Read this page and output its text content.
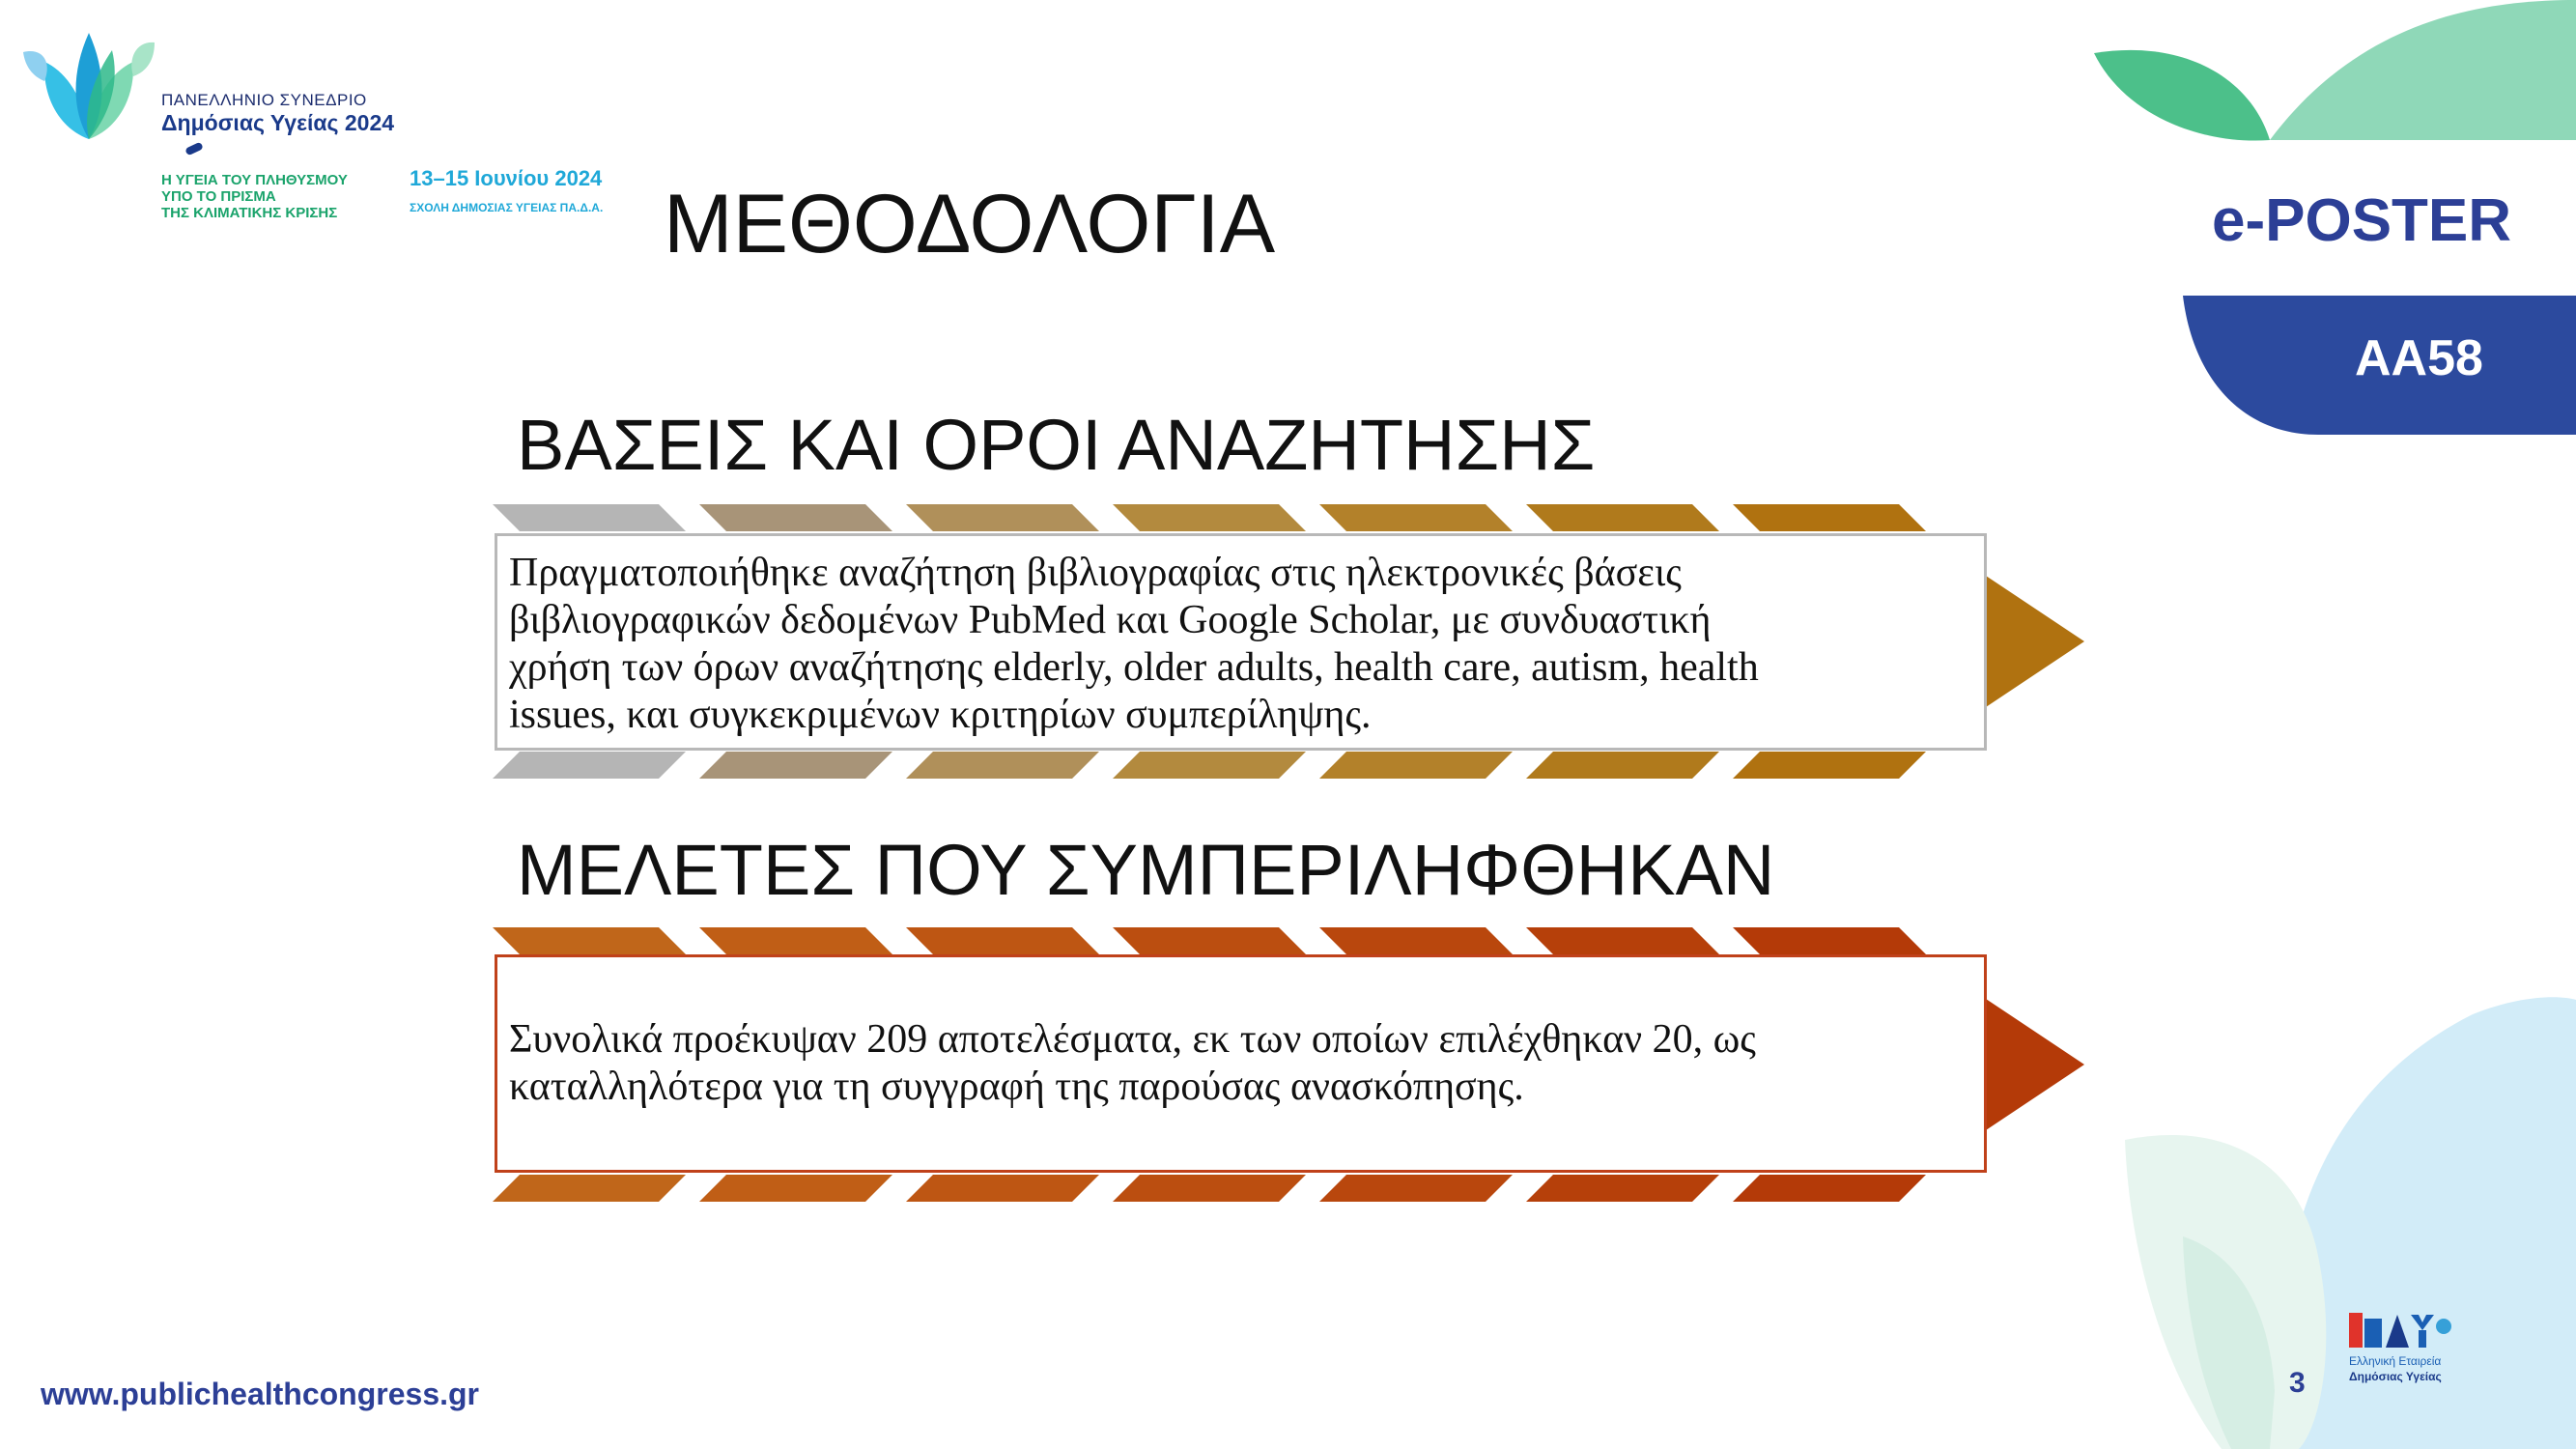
ΠΑΝΕΛΛΗΝΙΟ ΣΥΝΕΔΡΙΟ
Δημόσιας Υγείας 2024
Η ΥΓΕΙΑ ΤΟΥ ΠΛΗΘΥΣΜΟΥ
ΥΠΟ ΤΟ ΠΡΙΣΜΑ
ΤΗΣ ΚΛΙΜΑΤΙΚΗΣ ΚΡΙΣΗΣ
13–15 Ιουνίου 2024
ΣΧΟΛΗ ΔΗΜΟΣΙΑΣ ΥΓΕΙΑΣ ΠΑ.Δ.Α. ΜΕΘΟΔΟΛΟΓΙΑ	e-POSTER
ΑΑ58
ΒΑΣΕΙΣ ΚΑΙ ΟΡΟΙ ΑΝΑΖΗΤΗΣΗΣ

Πραγματοποιήθηκε αναζήτηση βιβλιογραφίας στις ηλεκτρονικές βάσεις
βιβλιογραφικών δεδομένων PubMed και Google Scholar, με συνδυαστική
χρήση των όρων αναζήτησης elderly, older adults, health care, autism, health
issues, και συγκεκριμένων κριτηρίων συμπερίληψης.

ΜΕΛΕΤΕΣ ΠΟΥ ΣΥΜΠΕΡΙΛΗΦΘΗΚΑΝ

Συνολικά προέκυψαν 209 αποτελέσματα, εκ των οποίων επιλέχθηκαν 20, ως
καταλληλότερα για τη συγγραφή της παρούσας ανασκόπησης.

www.publichealthcongress.gr	3
Ελληνική Εταιρεία
Δημόσιας Υγείας
